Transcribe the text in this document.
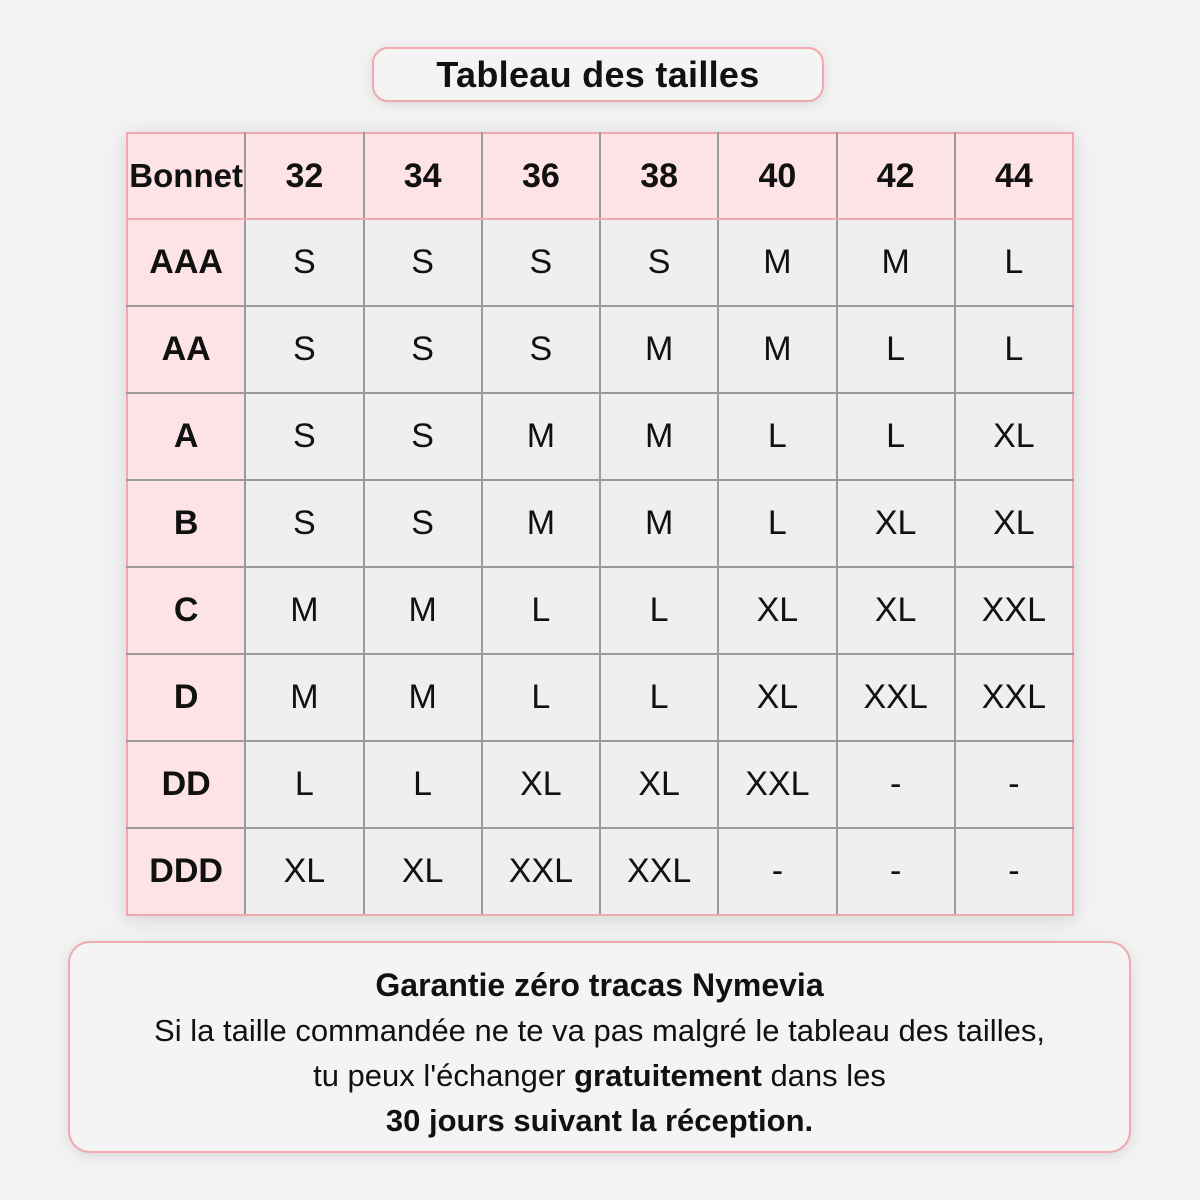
Tableau des tailles
Bonnet	32	34	36	38	40	42	44
AAA	S	S	S	S	M	M	L
AA	S	S	S	M	M	L	L
A	S	S	M	M	L	L	XL
B	S	S	M	M	L	XL	XL
C	M	M	L	L	XL	XL	XXL
D	M	M	L	L	XL	XXL	XXL
DD	L	L	XL	XL	XXL	-	-
DDD	XL	XL	XXL	XXL	-	-	-
Garantie zéro tracas Nymevia
Si la taille commandée ne te va pas malgré le tableau des tailles,
tu peux l'échanger gratuitement dans les
30 jours suivant la réception.
